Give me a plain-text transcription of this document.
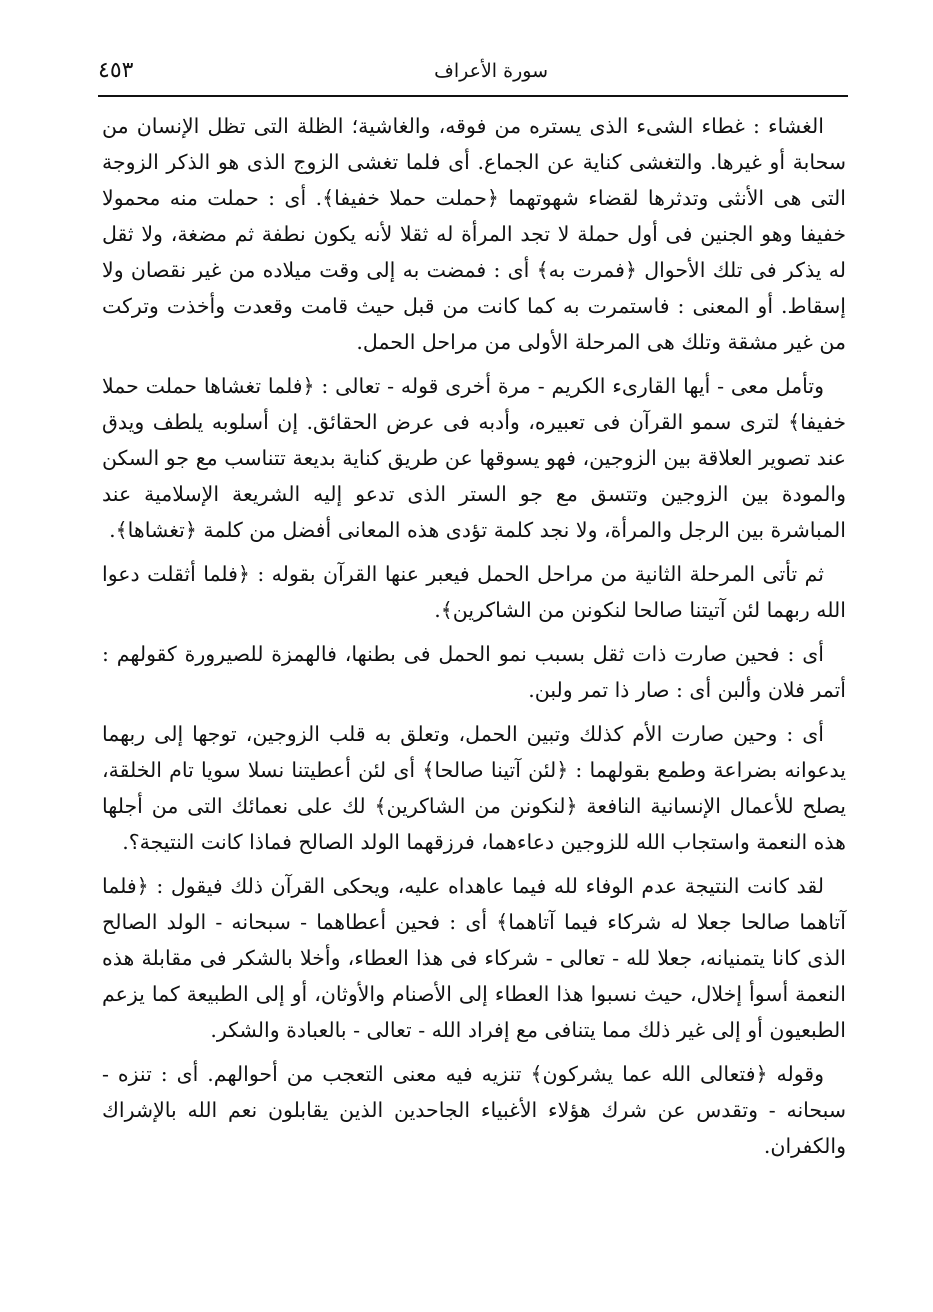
سورة الأعراف
٤٥٣

الغشاء : غطاء الشىء الذى يستره من فوقه، والغاشية؛ الظلة التى تظل الإنسان من سحابة أو غيرها. والتغشى كناية عن الجماع. أى فلما تغشى الزوج الذى هو الذكر الزوجة التى هى الأنثى وتدثرها لقضاء شهوتهما ﴿حملت حملا خفيفا﴾. أى : حملت منه محمولا خفيفا وهو الجنين فى أول حملة لا تجد المرأة له ثقلا لأنه يكون نطفة ثم مضغة، ولا ثقل له يذكر فى تلك الأحوال ﴿فمرت به﴾ أى : فمضت به إلى وقت ميلاده من غير نقصان ولا إسقاط. أو المعنى : فاستمرت به كما كانت من قبل حيث قامت وقعدت وأخذت وتركت من غير مشقة وتلك هى المرحلة الأولى من مراحل الحمل.

وتأمل معى - أيها القارىء الكريم - مرة أخرى قوله - تعالى : ﴿فلما تغشاها حملت حملا خفيفا﴾ لترى سمو القرآن فى تعبيره، وأدبه فى عرض الحقائق. إن أسلوبه يلطف ويدق عند تصوير العلاقة بين الزوجين، فهو يسوقها عن طريق كناية بديعة تتناسب مع جو السكن والمودة بين الزوجين وتتسق مع جو الستر الذى تدعو إليه الشريعة الإسلامية عند المباشرة بين الرجل والمرأة، ولا نجد كلمة تؤدى هذه المعانى أفضل من كلمة ﴿تغشاها﴾.

ثم تأتى المرحلة الثانية من مراحل الحمل فيعبر عنها القرآن بقوله : ﴿فلما أثقلت دعوا الله ربهما لئن آتيتنا صالحا لنكونن من الشاكرين﴾.

أى : فحين صارت ذات ثقل بسبب نمو الحمل فى بطنها، فالهمزة للصيرورة كقولهم : أتمر فلان وألبن أى : صار ذا تمر ولبن.

أى : وحين صارت الأم كذلك وتبين الحمل، وتعلق به قلب الزوجين، توجها إلى ربهما يدعوانه بضراعة وطمع بقولهما : ﴿لئن آتينا صالحا﴾ أى لئن أعطيتنا نسلا سويا تام الخلقة، يصلح للأعمال الإنسانية النافعة ﴿لنكونن من الشاكرين﴾ لك على نعمائك التى من أجلها هذه النعمة واستجاب الله للزوجين دعاءهما، فرزقهما الولد الصالح فماذا كانت النتيجة؟.

لقد كانت النتيجة عدم الوفاء لله فيما عاهداه عليه، ويحكى القرآن ذلك فيقول : ﴿فلما آتاهما صالحا جعلا له شركاء فيما آتاهما﴾ أى : فحين أعطاهما - سبحانه - الولد الصالح الذى كانا يتمنيانه، جعلا لله - تعالى - شركاء فى هذا العطاء، وأخلا بالشكر فى مقابلة هذه النعمة أسوأ إخلال، حيث نسبوا هذا العطاء إلى الأصنام والأوثان، أو إلى الطبيعة كما يزعم الطبعيون أو إلى غير ذلك مما يتنافى مع إفراد الله - تعالى - بالعبادة والشكر.

وقوله ﴿فتعالى الله عما يشركون﴾ تنزيه فيه معنى التعجب من أحوالهم. أى : تنزه - سبحانه - وتقدس عن شرك هؤلاء الأغبياء الجاحدين الذين يقابلون نعم الله بالإشراك والكفران.
